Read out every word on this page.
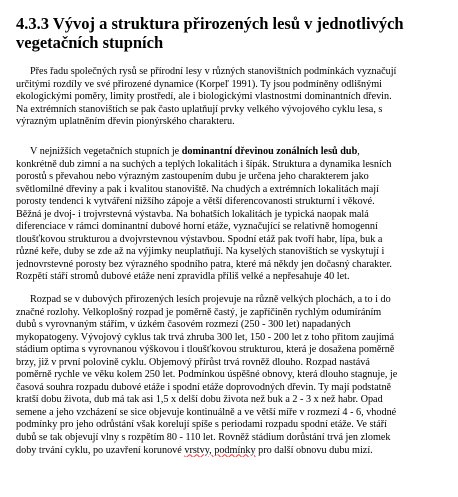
4.3.3 Vývoj a struktura přirozených lesů v jednotlivých vegetačních stupních

Přes řadu společných rysů se přírodní lesy v různých stanovištních podmínkách vyznačují
určitými rozdíly ve své přirozené dynamice (Korpeľ 1991). Ty jsou podmíněny odlišnými
ekologickými poměry, limity prostředí, ale i biologickými vlastnostmi dominantních dřevin.
Na extrémních stanovištích se pak často uplatňují prvky velkého vývojového cyklu lesa, s
výrazným uplatněním dřevin pionýrského charakteru.

V nejnižších vegetačních stupních je dominantní dřevinou zonálních lesů dub,
konkrétně dub zimní a na suchých a teplých lokalitách i šípák. Struktura a dynamika lesních
porostů s převahou nebo výrazným zastoupením dubu je určena jeho charakterem jako
světlomilné dřeviny a pak i kvalitou stanoviště. Na chudých a extrémních lokalitách mají
porosty tendenci k vytváření nižšího zápoje a větší diferencovanosti strukturní i věkové.
Běžná je dvoj- i trojvrstevná výstavba. Na bohatších lokalitách je typická naopak malá
diferenciace v rámci dominantní dubové horní etáže, vyznačující se relativně homogenní
tloušťkovou strukturou a dvojvrstevnou výstavbou. Spodní etáž pak tvoří habr, lípa, buk a
různé keře, duby se zde až na výjimky neuplatňují. Na kyselých stanovištích se vyskytují i
jednovrstevné porosty bez výrazného spodního patra, které má někdy jen dočasný charakter.
Rozpětí stáří stromů dubové etáže není zpravidla příliš velké a nepřesahuje 40 let.

Rozpad se v dubových přirozených lesích projevuje na různě velkých plochách, a to i do
značné rozlohy. Velkoplošný rozpad je poměrně častý, je zapříčiněn rychlým odumíráním
dubů s vyrovnaným stářím, v úzkém časovém rozmezí (250 - 300 let) napadaných
mykopatogeny. Vývojový cyklus tak trvá zhruba 300 let, 150 - 200 let z toho přitom zaujímá
stádium optima s vyrovnanou výškovou i tloušťkovou strukturou, která je dosažena poměrně
brzy, již v první polovině cyklu. Objemový přírůst trvá rovněž dlouho. Rozpad nastává
poměrně rychle ve věku kolem 250 let. Podmínkou úspěšné obnovy, která dlouho stagnuje, je
časová souhra rozpadu dubové etáže i spodní etáže doprovodných dřevin. Ty mají podstatně
kratší dobu života, dub má tak asi 1,5 x delší dobu života než buk a 2 - 3 x než habr. Opad
semene a jeho vzcházení se sice objevuje kontinuálně a ve větší míře v rozmezí 4 - 6, vhodné
podmínky pro jeho odrůstání však korelují spíše s periodami rozpadu spodní etáže. Ve stáří
dubů se tak objevují vlny s rozpětím 80 - 110 let. Rovněž stádium dorůstání trvá jen zlomek
doby trvání cyklu, po uzavření korunové vrstvy, podmínky pro další obnovu dubu mizí.
